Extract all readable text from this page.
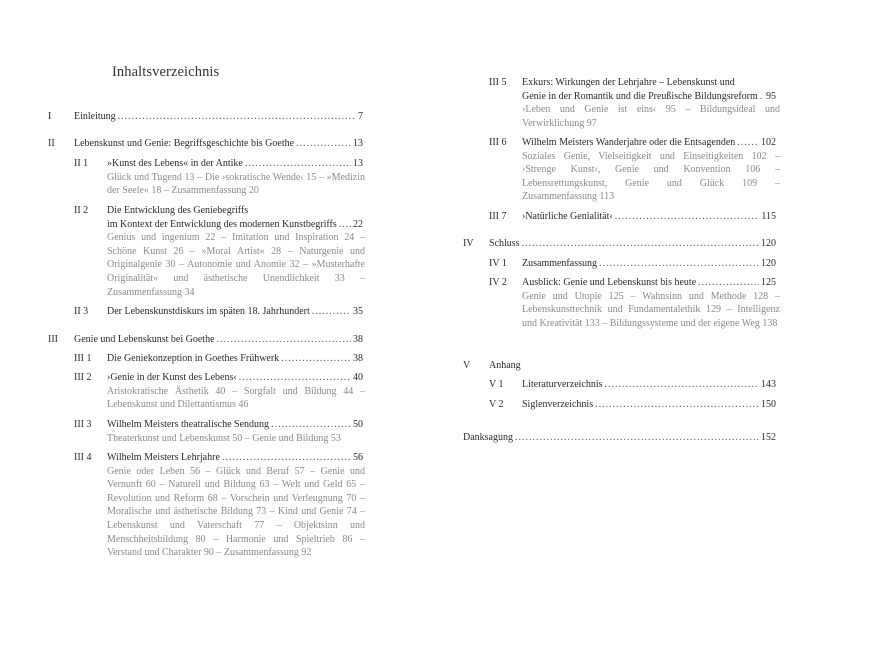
Inhaltsverzeichnis
I Einleitung .....	7
II Lebenskunst und Genie: Begriffsgeschichte bis Goethe .....	13
II 1 »Kunst des Lebens« in der Antike .....	13
Glück und Tugend 13 – Die ›sokratische Wende‹ 15 – »Medizin der Seele« 18 – Zusammenfassung 20
II 2 Die Entwicklung des Geniebegriffs
im Kontext der Entwicklung des modernen Kunstbegriffs ..... 22
Genius und ingenium 22 – Imitation und Inspiration 24 – Schöne Kunst 26 – »Moral Artist« 28 – Naturgenie und Originalgenie 30 – Autonomie und Anomie 32 – »Musterhafte Originalität« und ästhetische Unendlichkeit 33 – Zusammenfassung 34
II 3 Der Lebenskunstdiskurs im späten 18. Jahrhundert .....	35
III Genie und Lebenskunst bei Goethe .....	38
III 1 Die Geniekonzeption in Goethes Frühwerk .....	38
III 2 ›Genie in der Kunst des Lebens‹ .....	40
Aristokratische Ästhetik 40 – Sorgfalt und Bildung 44 – Lebenskunst und Dilettantismus 46
III 3 Wilhelm Meisters theatralische Sendung .....	50
Theaterkunst und Lebenskunst 50 – Genie und Bildung 53
III 4 Wilhelm Meisters Lehrjahre .....	56
Genie oder Leben 56 – Glück und Beruf 57 – Genie und Vernunft 60 – Naturell und Bildung 63 – Welt und Geld 65 – Revolution und Reform 68 – Vorschein und Verleugnung 70 – Moralische und ästhetische Bildung 73 – Kind und Genie 74 – Lebenskunst und Vaterschaft 77 – Objektsinn und Menschheitsbildung 80 – Harmonie und Spieltrieb 86 – Verstand und Charakter 90 – Zusammenfassung 92
III 5 Exkurs: Wirkungen der Lehrjahre – Lebenskunst und
Genie in der Romantik und die Preußische Bildungsreform ..... 95
›Leben und Genie ist eins‹ 95 – Bildungsideal und Verwirklichung 97
III 6 Wilhelm Meisters Wanderjahre oder die Entsagenden .....	102
Soziales Genie, Vielseitigkeit und Einseitigkeiten 102 – ›Strenge Kunst‹, Genie und Konvention 106 – Lebensrettungskunst, Genie und Glück 109 – Zusammenfassung 113
III 7 ›Natürliche Genialität‹ .....	115
IV Schluss .....	120
IV 1 Zusammenfassung .....	120
IV 2 Ausblick: Genie und Lebenskunst bis heute .....	125
Genie und Utopie 125 – Wahnsinn und Methode 128 – Lebenskunsttechnik und Fundamentalethik 129 – Intelligenz und Kreativität 133 – Bildungssysteme und der eigene Weg 138
V Anhang
V 1 Literaturverzeichnis .....	143
V 2 Siglenverzeichnis .....	150
Danksagung .....	152
